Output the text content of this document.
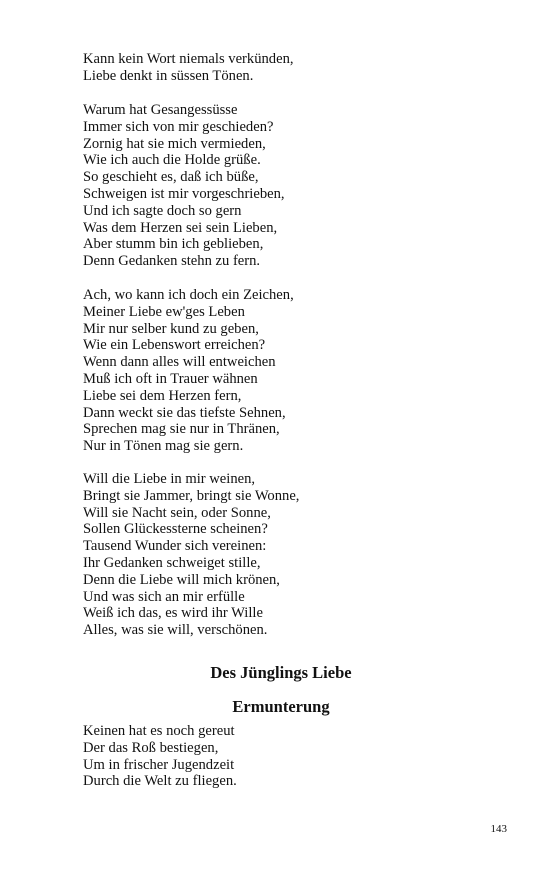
Kann kein Wort niemals verkünden,
Liebe denkt in süssen Tönen.
Warum hat Gesangessüsse
Immer sich von mir geschieden?
Zornig hat sie mich vermieden,
Wie ich auch die Holde grüße.
So geschieht es, daß ich büße,
Schweigen ist mir vorgeschrieben,
Und ich sagte doch so gern
Was dem Herzen sei sein Lieben,
Aber stumm bin ich geblieben,
Denn Gedanken stehn zu fern.
Ach, wo kann ich doch ein Zeichen,
Meiner Liebe ew'ges Leben
Mir nur selber kund zu geben,
Wie ein Lebenswort erreichen?
Wenn dann alles will entweichen
Muß ich oft in Trauer wähnen
Liebe sei dem Herzen fern,
Dann weckt sie das tiefste Sehnen,
Sprechen mag sie nur in Thränen,
Nur in Tönen mag sie gern.
Will die Liebe in mir weinen,
Bringt sie Jammer, bringt sie Wonne,
Will sie Nacht sein, oder Sonne,
Sollen Glückessterne scheinen?
Tausend Wunder sich vereinen:
Ihr Gedanken schweiget stille,
Denn die Liebe will mich krönen,
Und was sich an mir erfülle
Weiß ich das, es wird ihr Wille
Alles, was sie will, verschönen.
Des Jünglings Liebe
Ermunterung
Keinen hat es noch gereut
Der das Roß bestiegen,
Um in frischer Jugendzeit
Durch die Welt zu fliegen.
143
